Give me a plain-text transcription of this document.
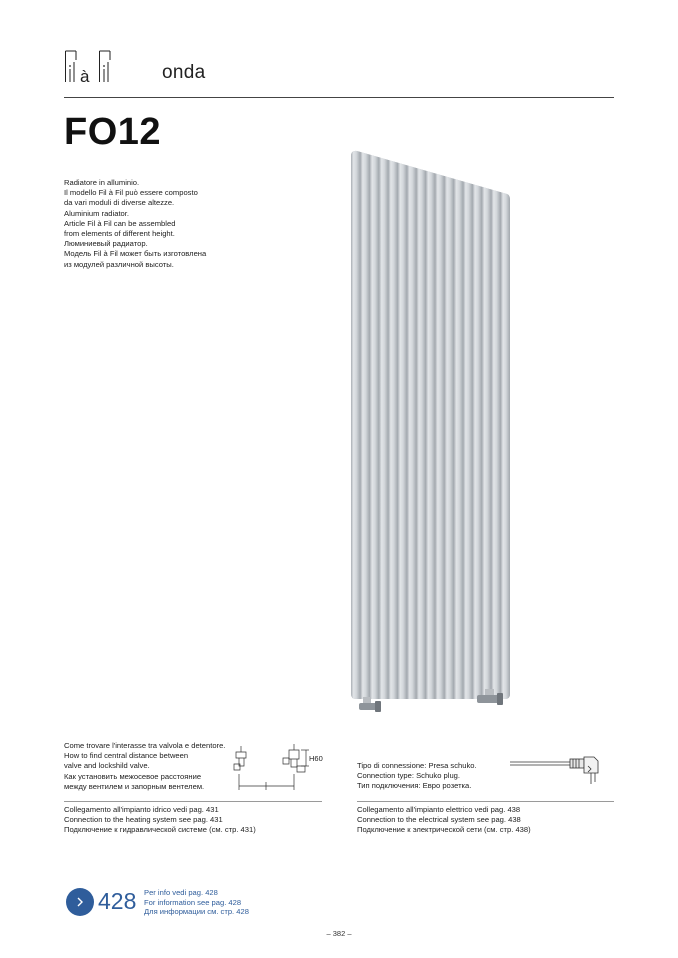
à	onda
FO12
Radiatore in alluminio.
Il modello Fil à Fil può essere composto
da vari moduli di diverse altezze.
Aluminium radiator.
Article Fil à Fil can be assembled
from elements of different height.
Люминиевый радиатор.
Модель Fil à Fil может быть изготовлена
из модулей различной высоты.
Come trovare l'interasse tra valvola e detentore.
How to find central distance between
valve and lockshild valve.
Как установить межосевое расстояние
между вентилем и запорным вентелем.
H60
Tipo di connessione: Presa schuko.
Connection type: Schuko plug.
Тип подключения: Евро розетка.
Collegamento all'impianto idrico vedi pag. 431
Connection to the heating system see pag. 431
Подключение к гидравлической системе (см. стр. 431)
Collegamento all'impianto elettrico vedi pag. 438
Connection to the electrical system see pag. 438
Подключение к электрической сети (см. стр. 438)
428 Per info vedi pag. 428
For information see pag. 428
Для информации см. стр. 428
– 382 –
